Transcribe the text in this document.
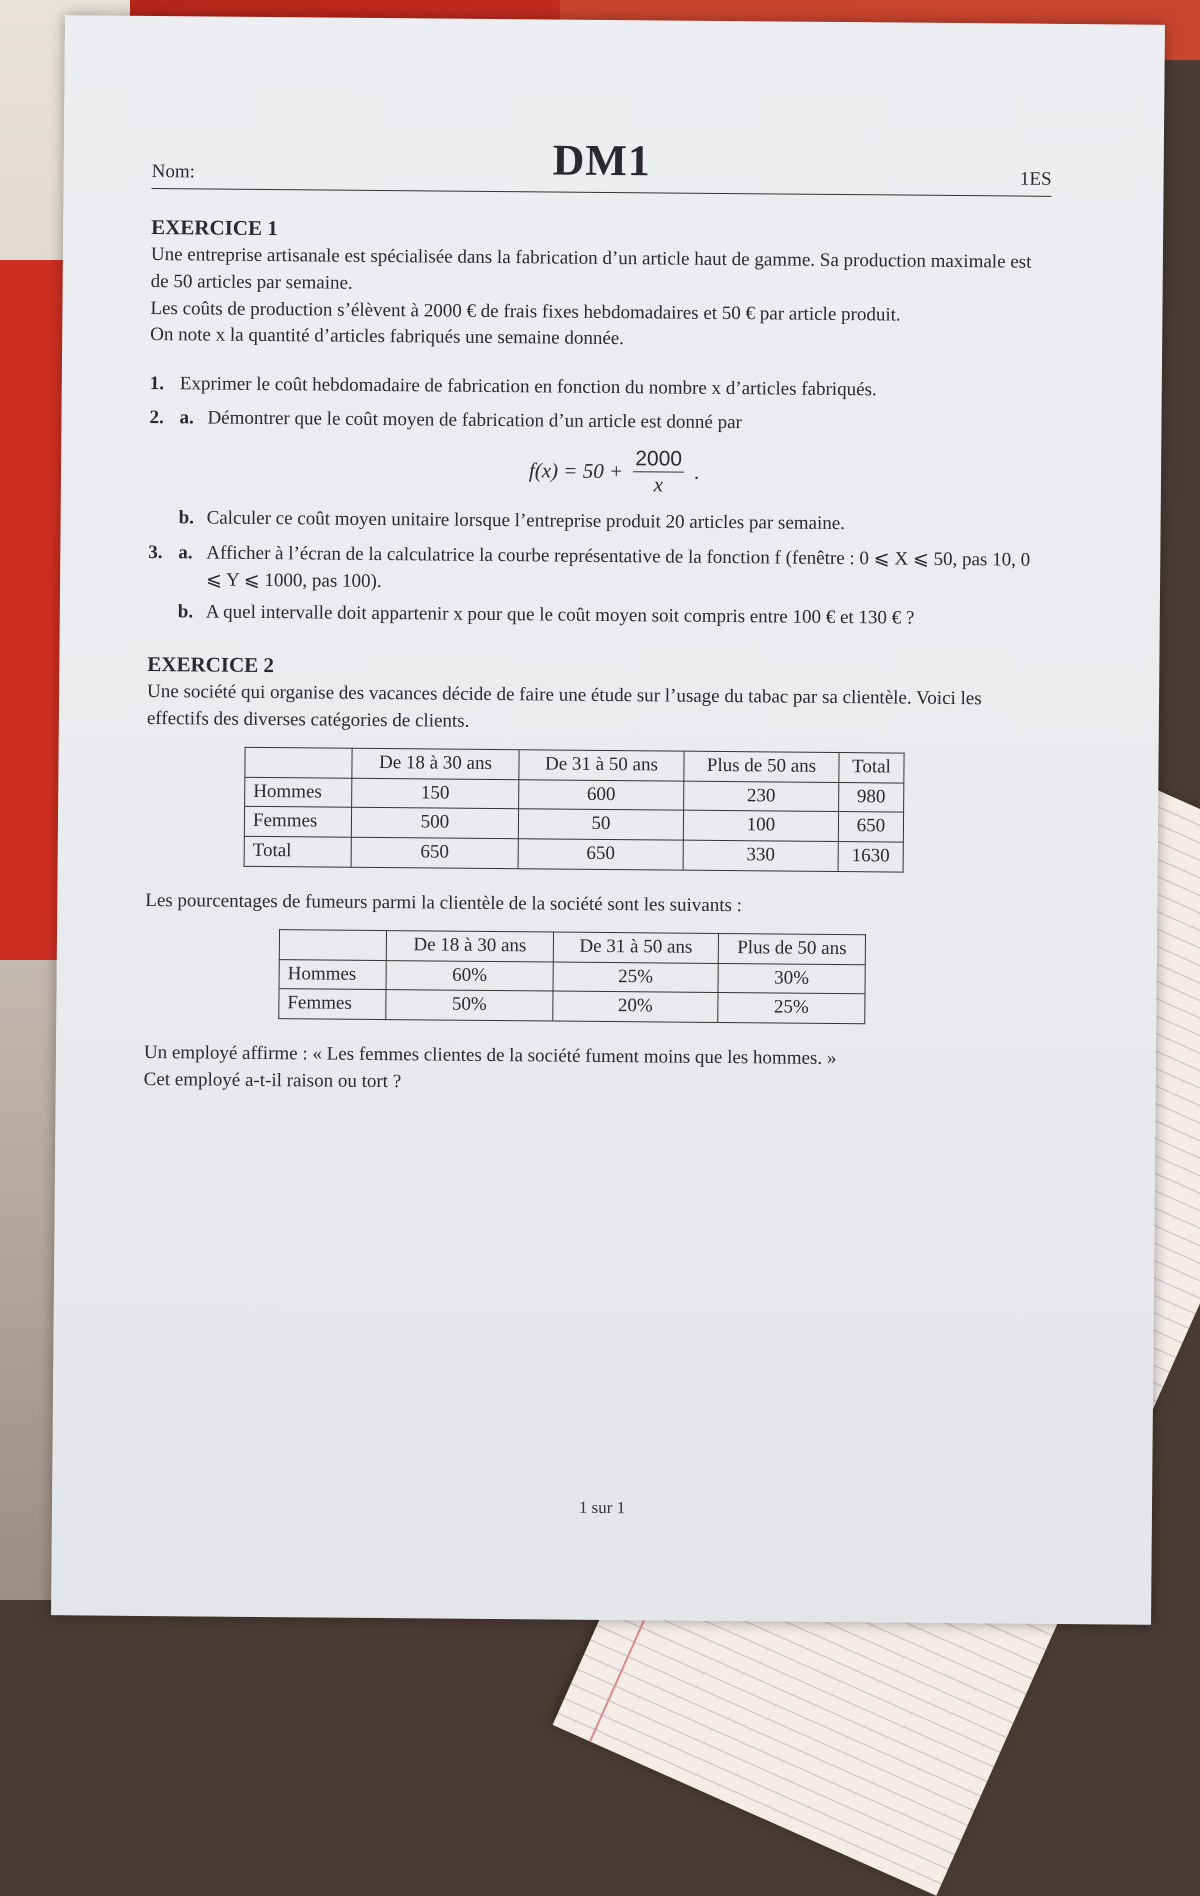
DM1
Nom:	1ES
EXERCICE 1

Une entreprise artisanale est spécialisée dans la fabrication d’un article haut de gamme. Sa production maximale est de 50 articles par semaine.

Les coûts de production s’élèvent à 2000 € de frais fixes hebdomadaires et 50 € par article produit.

On note x la quantité d’articles fabriqués une semaine donnée.

1. Exprimer le coût hebdomadaire de fabrication en fonction du nombre x d’articles fabriqués.
2. a. Démontrer que le coût moyen de fabrication d’un article est donné par
$f(x) = 50 + \frac{2000}{x}$ .
b. Calculer ce coût moyen unitaire lorsque l’entreprise produit 20 articles par semaine.
3. a. Afficher à l’écran de la calculatrice la courbe représentative de la fonction f (fenêtre : 0 ⩽ X ⩽ 50, pas 10, 0 ⩽ Y ⩽ 1000, pas 100).
b. A quel intervalle doit appartenir x pour que le coût moyen soit compris entre 100 € et 130 € ?
EXERCICE 2

Une société qui organise des vacances décide de faire une étude sur l’usage du tabac par sa clientèle. Voici les effectifs des diverses catégories de clients.

	De 18 à 30 ans	De 31 à 50 ans	Plus de 50 ans	Total
Hommes	150	600	230	980
Femmes	500	50	100	650
Total	650	650	330	1630

Les pourcentages de fumeurs parmi la clientèle de la société sont les suivants :

	De 18 à 30 ans	De 31 à 50 ans	Plus de 50 ans
Hommes	60%	25%	30%
Femmes	50%	20%	25%

Un employé affirme : « Les femmes clientes de la société fument moins que les hommes. »

Cet employé a-t-il raison ou tort ?

1 sur 1
